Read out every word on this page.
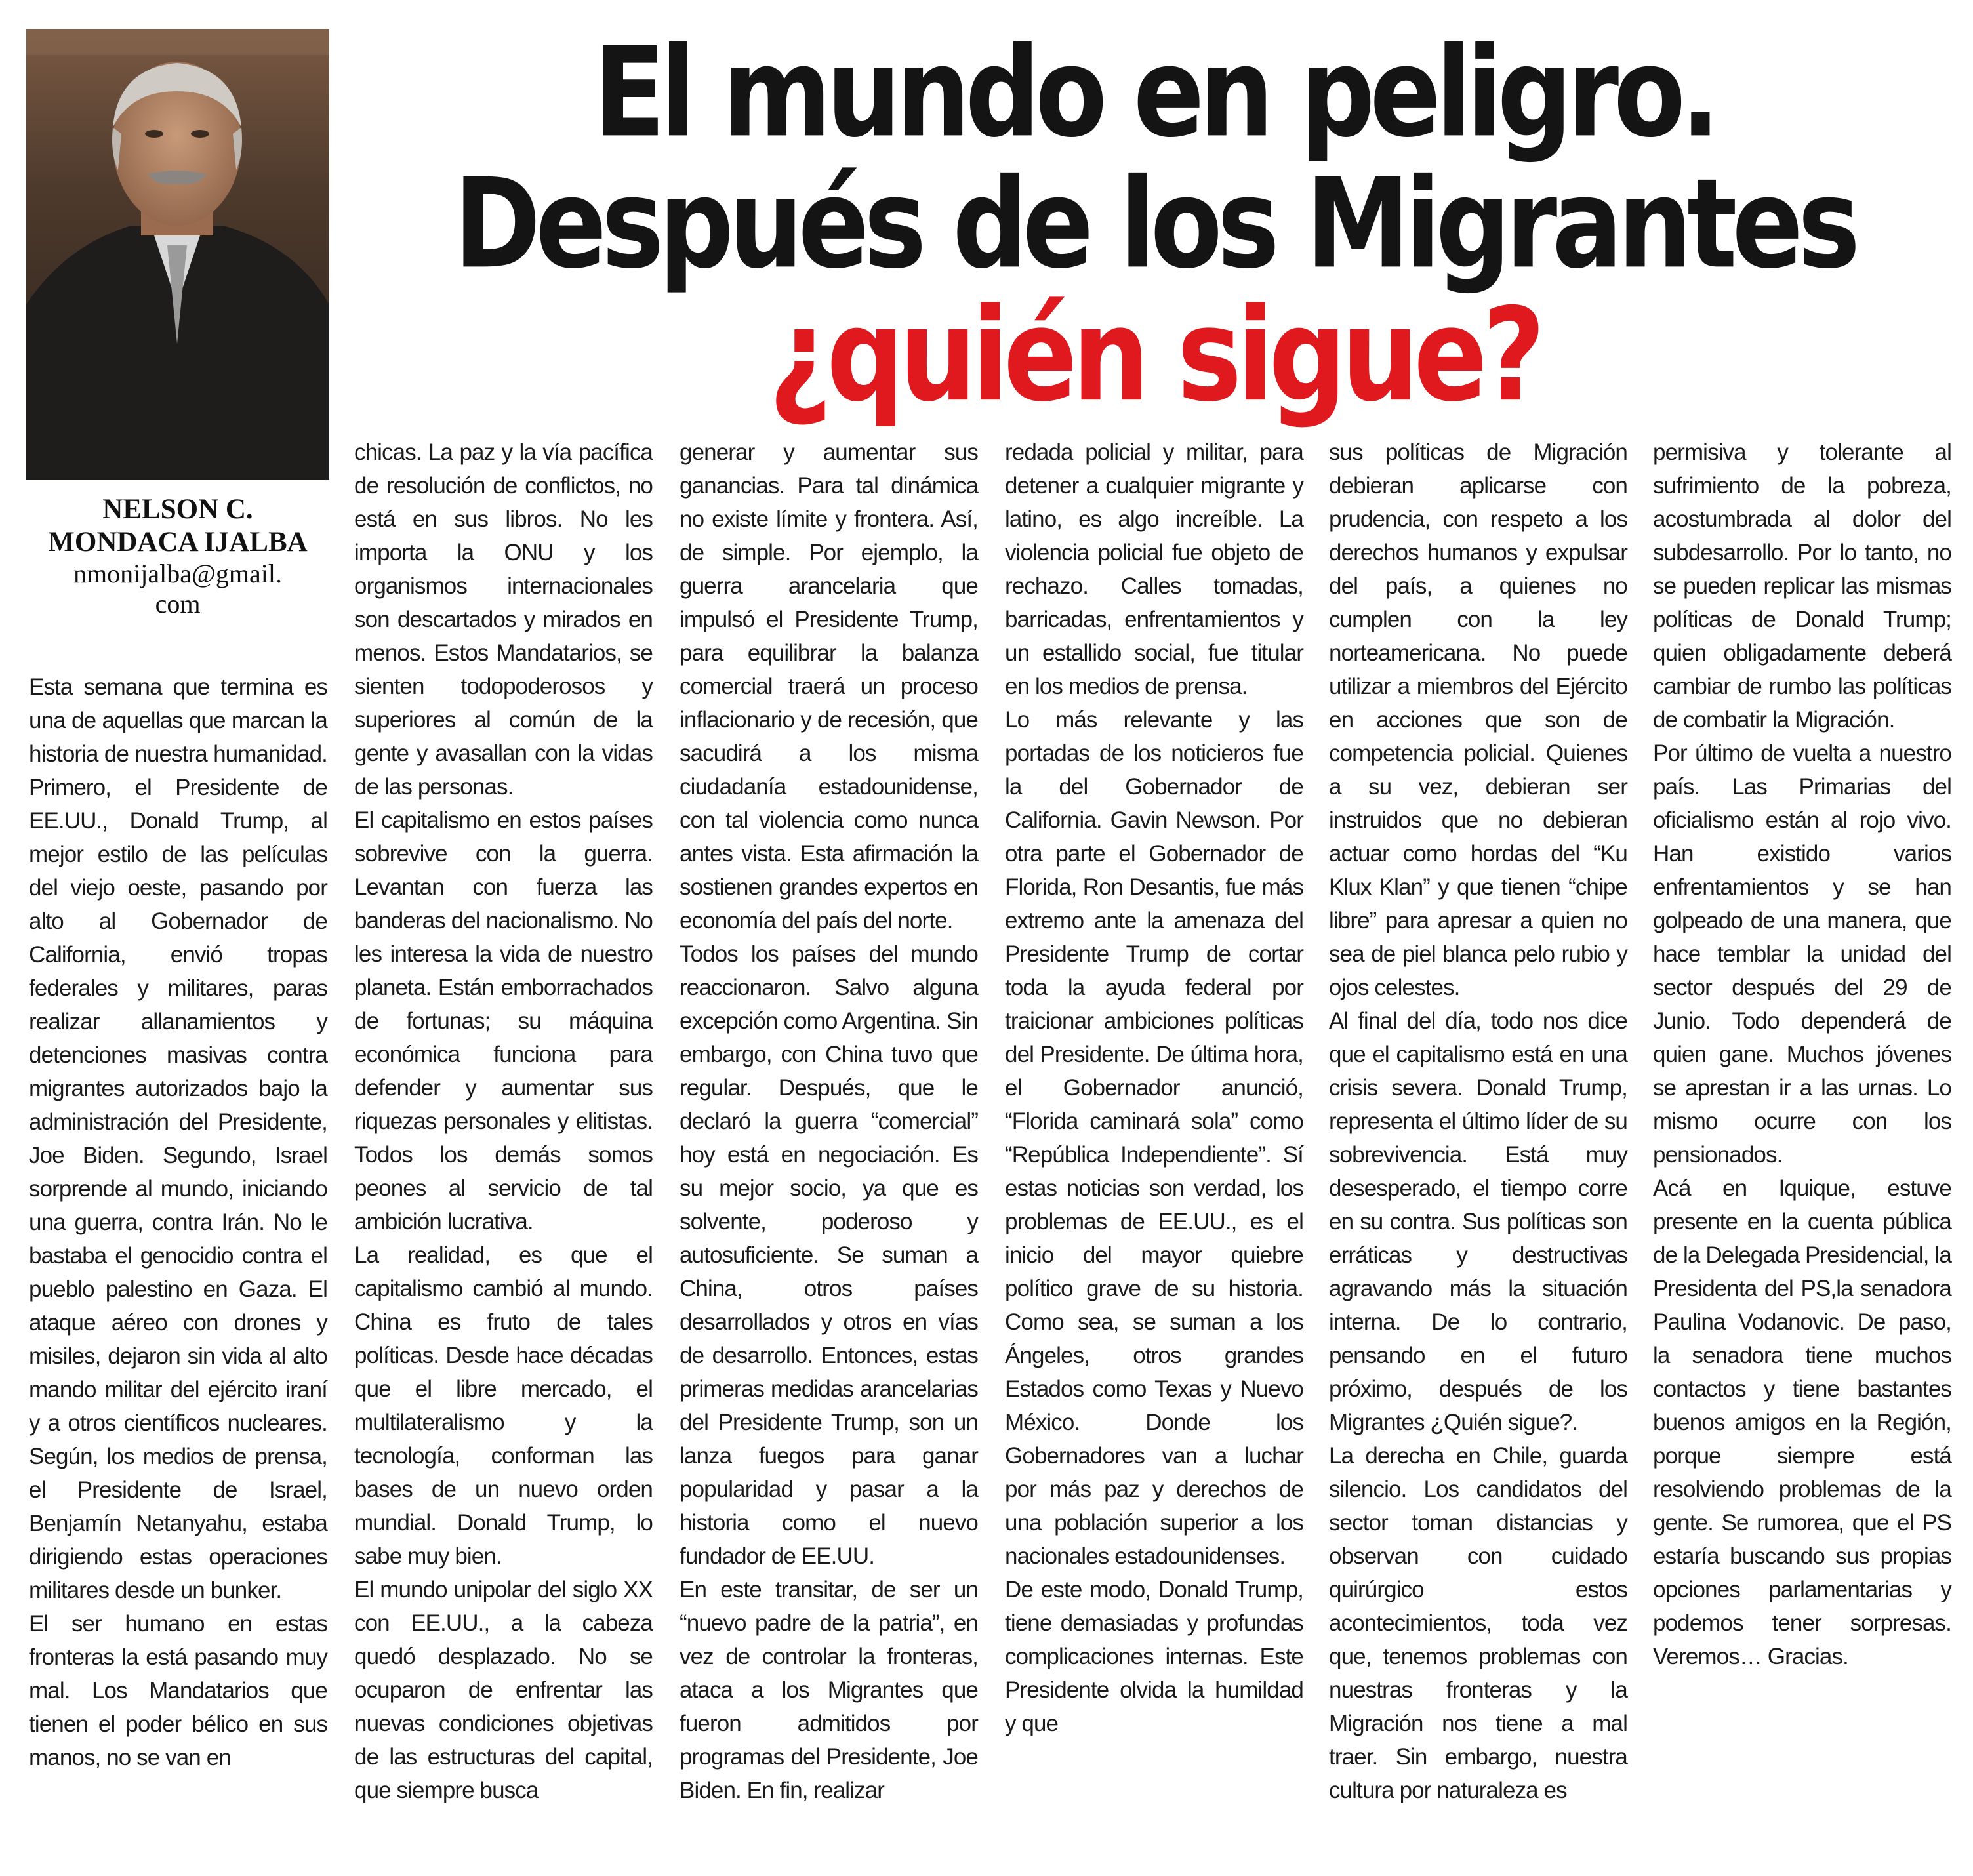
NELSON C.
MONDACA IJALBA
nmonijalba@gmail.
com
El mundo en peligro.
Después de los Migrantes
¿quién sigue?

Esta semana que termina es una de aquellas que marcan la historia de nuestra humanidad. Primero, el Presidente de EE.UU., Donald Trump, al mejor estilo de las películas del viejo oeste, pasando por alto al Gobernador de California, envió tropas federales y militares, paras realizar allanamientos y detenciones masivas contra migrantes autorizados bajo la administración del Presidente, Joe Biden. Segundo, Israel sorprende al mundo, iniciando una guerra, contra Irán. No le bastaba el genocidio contra el pueblo palestino en Gaza. El ataque aéreo con drones y misiles, dejaron sin vida al alto mando militar del ejército iraní y a otros científicos nucleares. Según, los medios de prensa, el Presidente de Israel, Benjamín Netanyahu, estaba dirigiendo estas operaciones militares desde un bunker.

El ser humano en estas fronteras la está pasando muy mal. Los Mandatarios que tienen el poder bélico en sus manos, no se van en

chicas. La paz y la vía pacífica de resolución de conflictos, no está en sus libros. No les importa la ONU y los organismos internacionales son descartados y mirados en menos. Estos Mandatarios, se sienten todopoderosos y superiores al común de la gente y avasallan con la vidas de las personas.

El capitalismo en estos países sobrevive con la guerra. Levantan con fuerza las banderas del nacionalismo. No les interesa la vida de nuestro planeta. Están emborrachados de fortunas; su máquina económica funciona para defender y aumentar sus riquezas personales y elitistas. Todos los demás somos peones al servicio de tal ambición lucrativa.

La realidad, es que el capitalismo cambió al mundo. China es fruto de tales políticas. Desde hace décadas que el libre mercado, el multilateralismo y la tecnología, conforman las bases de un nuevo orden mundial. Donald Trump, lo sabe muy bien.

El mundo unipolar del siglo XX con EE.UU., a la cabeza quedó desplazado. No se ocuparon de enfrentar las nuevas condiciones objetivas de las estructuras del capital, que siempre busca

generar y aumentar sus ganancias. Para tal dinámica no existe límite y frontera. Así, de simple. Por ejemplo, la guerra arancelaria que impulsó el Presidente Trump, para equilibrar la balanza comercial traerá un proceso inflacionario y de recesión, que sacudirá a los misma ciudadanía estadounidense, con tal violencia como nunca antes vista. Esta afirmación la sostienen grandes expertos en economía del país del norte.

Todos los países del mundo reaccionaron. Salvo alguna excepción como Argentina. Sin embargo, con China tuvo que regular. Después, que le declaró la guerra “comercial” hoy está en negociación. Es su mejor socio, ya que es solvente, poderoso y autosuficiente. Se suman a China, otros países desarrollados y otros en vías de desarrollo. Entonces, estas primeras medidas arancelarias del Presidente Trump, son un lanza fuegos para ganar popularidad y pasar a la historia como el nuevo fundador de EE.UU.

En este transitar, de ser un “nuevo padre de la patria”, en vez de controlar la fronteras, ataca a los Migrantes que fueron admitidos por programas del Presidente, Joe Biden. En fin, realizar

redada policial y militar, para detener a cualquier migrante y latino, es algo increíble. La violencia policial fue objeto de rechazo. Calles tomadas, barricadas, enfrentamientos y un estallido social, fue titular en los medios de prensa.

Lo más relevante y las portadas de los noticieros fue la del Gobernador de California. Gavin Newson. Por otra parte el Gobernador de Florida, Ron Desantis, fue más extremo ante la amenaza del Presidente Trump de cortar toda la ayuda federal por traicionar ambiciones políticas del Presidente. De última hora, el Gobernador anunció, “Florida caminará sola” como “República Independiente”. Sí estas noticias son verdad, los problemas de EE.UU., es el inicio del mayor quiebre político grave de su historia. Como sea, se suman a los Ángeles, otros grandes Estados como Texas y Nuevo México. Donde los Gobernadores van a luchar por más paz y derechos de una población superior a los nacionales estadounidenses.

De este modo, Donald Trump, tiene demasiadas y profundas complicaciones internas. Este Presidente olvida la humildad y que

sus políticas de Migración debieran aplicarse con prudencia, con respeto a los derechos humanos y expulsar del país, a quienes no cumplen con la ley norteamericana. No puede utilizar a miembros del Ejército en acciones que son de competencia policial. Quienes a su vez, debieran ser instruidos que no debieran actuar como hordas del “Ku Klux Klan” y que tienen “chipe libre” para apresar a quien no sea de piel blanca pelo rubio y ojos celestes.

Al final del día, todo nos dice que el capitalismo está en una crisis severa. Donald Trump, representa el último líder de su sobrevivencia. Está muy desesperado, el tiempo corre en su contra. Sus políticas son erráticas y destructivas agravando más la situación interna. De lo contrario, pensando en el futuro próximo, después de los Migrantes ¿Quién sigue?.

La derecha en Chile, guarda silencio. Los candidatos del sector toman distancias y observan con cuidado quirúrgico estos acontecimientos, toda vez que, tenemos problemas con nuestras fronteras y la Migración nos tiene a mal traer. Sin embargo, nuestra cultura por naturaleza es

permisiva y tolerante al sufrimiento de la pobreza, acostumbrada al dolor del subdesarrollo. Por lo tanto, no se pueden replicar las mismas políticas de Donald Trump; quien obligadamente deberá cambiar de rumbo las políticas de combatir la Migración.

Por último de vuelta a nuestro país. Las Primarias del oficialismo están al rojo vivo. Han existido varios enfrentamientos y se han golpeado de una manera, que hace temblar la unidad del sector después del 29 de Junio. Todo dependerá de quien gane. Muchos jóvenes se aprestan ir a las urnas. Lo mismo ocurre con los pensionados.

Acá en Iquique, estuve presente en la cuenta pública de la Delegada Presidencial, la Presidenta del PS,la senadora Paulina Vodanovic. De paso, la senadora tiene muchos contactos y tiene bastantes buenos amigos en la Región, porque siempre está resolviendo problemas de la gente. Se rumorea, que el PS estaría buscando sus propias opciones parlamentarias y podemos tener sorpresas. Veremos… Gracias.
